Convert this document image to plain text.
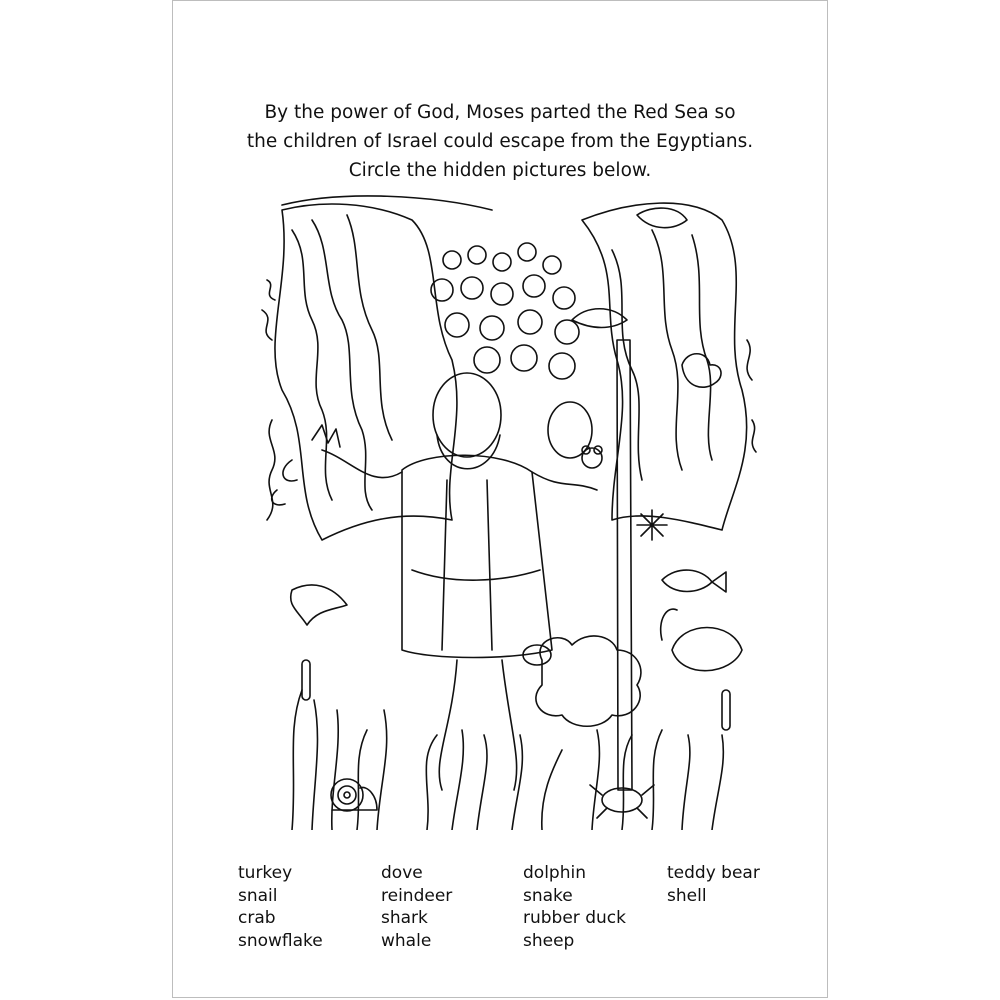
By the power of God, Moses parted the Red Sea so
the children of Israel could escape from the Egyptians.
Circle the hidden pictures below.
turkey
snail
crab
snowflake
dove
reindeer
shark
whale
dolphin
snake
rubber duck
sheep
teddy bear
shell
